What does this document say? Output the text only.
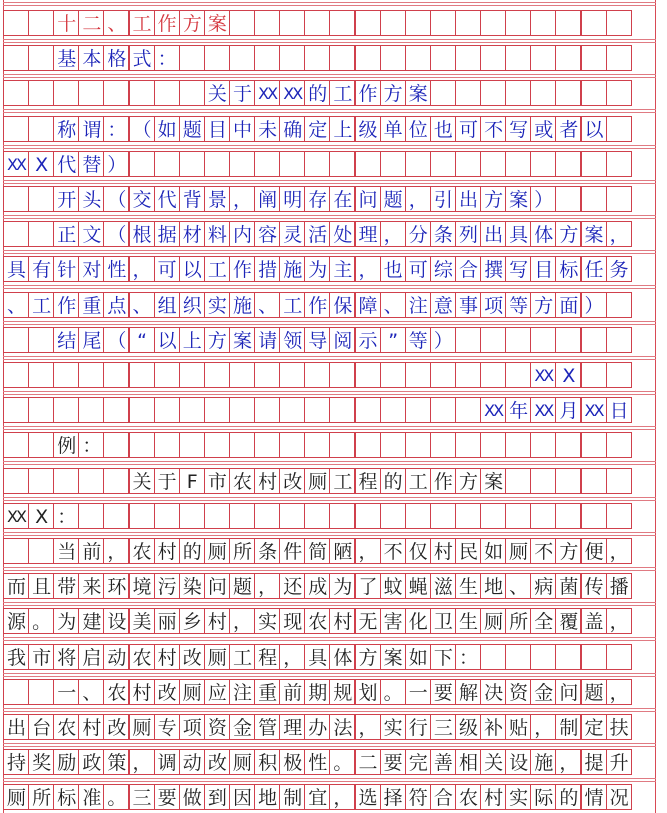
十 二 、 工 作 方 案
基 本 格 式 ：
关 于 XX XX 的 工 作 方 案
称 谓 ： （ 如 题 目 中 未 确 定 上 级 单 位 也 可 不 写 或 者 以
XX X 代 替 ）
开 头 （ 交 代 背 景 ， 阐 明 存 在 问 题 ， 引 出 方 案 ）
正 文 （ 根 据 材 料 内 容 灵 活 处 理 ， 分 条 列 出 具 体 方 案 ，
具 有 针 对 性 ， 可 以 工 作 措 施 为 主 ， 也 可 综 合 撰 写 目 标 任 务
、 工 作 重 点 、 组 织 实 施 、 工 作 保 障 、 注 意 事 项 等 方 面 ）
结 尾 （ “ 以 上 方 案 请 领 导 阅 示 ” 等 ）
XX X
XX 年 XX 月 XX 日
例 ：
关 于 F 市 农 村 改 厕 工 程 的 工 作 方 案
XX X ：
当 前 ， 农 村 的 厕 所 条 件 简 陋 ， 不 仅 村 民 如 厕 不 方 便 ，
而 且 带 来 环 境 污 染 问 题 ， 还 成 为 了 蚊 蝇 滋 生 地 、 病 菌 传 播
源 。 为 建 设 美 丽 乡 村 ， 实 现 农 村 无 害 化 卫 生 厕 所 全 覆 盖 ，
我 市 将 启 动 农 村 改 厕 工 程 ， 具 体 方 案 如 下 ：
一 、 农 村 改 厕 应 注 重 前 期 规 划 。 一 要 解 决 资 金 问 题 ，
出 台 农 村 改 厕 专 项 资 金 管 理 办 法 ， 实 行 三 级 补 贴 ， 制 定 扶
持 奖 励 政 策 ， 调 动 改 厕 积 极 性 。 二 要 完 善 相 关 设 施 ， 提 升
厕 所 标 准 。 三 要 做 到 因 地 制 宜 ， 选 择 符 合 农 村 实 际 的 情 况
